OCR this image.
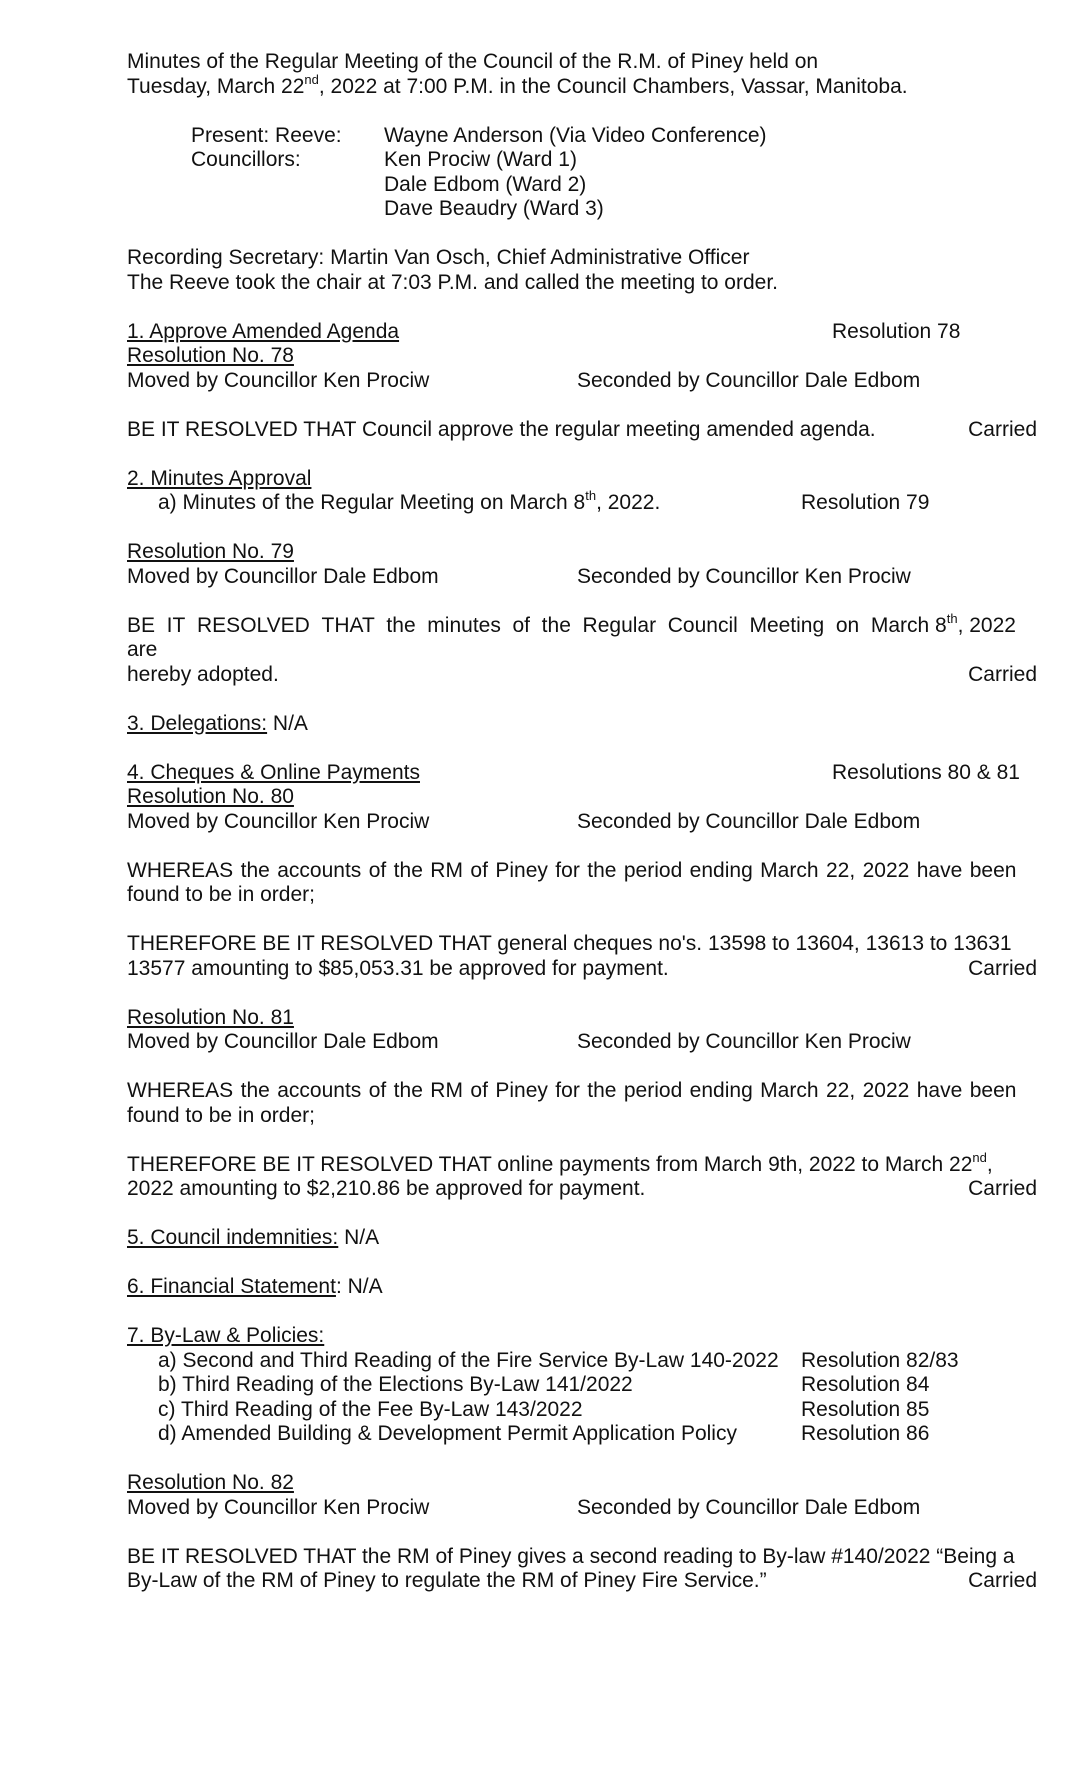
Minutes of the Regular Meeting of the Council of the R.M. of Piney held on
Tuesday, March 22nd, 2022 at 7:00 P.M. in the Council Chambers, Vassar, Manitoba.
Present: Reeve: Wayne Anderson (Via Video Conference)
Councillors:	Ken Prociw (Ward 1)
Dale Edbom (Ward 2)
Dave Beaudry (Ward 3)
Recording Secretary: Martin Van Osch, Chief Administrative Officer
The Reeve took the chair at 7:03 P.M. and called the meeting to order.
1. Approve Amended Agenda	Resolution 78
Resolution No. 78
Moved by Councillor Ken Prociw	Seconded by Councillor Dale Edbom
BE IT RESOLVED THAT Council approve the regular meeting amended agenda.	Carried
2. Minutes Approval
a) Minutes of the Regular Meeting on March 8th, 2022.	Resolution 79
Resolution No. 79
Moved by Councillor Dale Edbom	Seconded by Councillor Ken Prociw
BE  IT  RESOLVED  THAT  the  minutes  of  the  Regular  Council  Meeting  on  March 8th, 2022 are
hereby adopted.	Carried
3. Delegations: N/A
4. Cheques & Online Payments	Resolutions 80 & 81
Resolution No. 80
Moved by Councillor Ken Prociw	Seconded by Councillor Dale Edbom
WHEREAS the accounts of the RM of Piney for the period ending March 22, 2022 have been
found to be in order;
THEREFORE BE IT RESOLVED THAT general cheques no's. 13598 to 13604, 13613 to 13631
13577 amounting to $85,053.31 be approved for payment.	Carried
Resolution No. 81
Moved by Councillor Dale Edbom	Seconded by Councillor Ken Prociw
WHEREAS the accounts of the RM of Piney for the period ending March 22, 2022 have been
found to be in order;
THEREFORE BE IT RESOLVED THAT online payments from March 9th, 2022 to March 22nd,
2022 amounting to $2,210.86 be approved for payment.	Carried
5. Council indemnities: N/A
6. Financial Statement: N/A
7. By-Law & Policies:
a) Second and Third Reading of the Fire Service By-Law 140-2022 Resolution 82/83
b) Third Reading of the Elections By-Law 141/2022	Resolution 84
c) Third Reading of the Fee By-Law 143/2022	Resolution 85
d) Amended Building & Development Permit Application Policy	Resolution 86
Resolution No. 82
Moved by Councillor Ken Prociw	Seconded by Councillor Dale Edbom
BE IT RESOLVED THAT the RM of Piney gives a second reading to By-law #140/2022 “Being a
By-Law of the RM of Piney to regulate the RM of Piney Fire Service.”	Carried
